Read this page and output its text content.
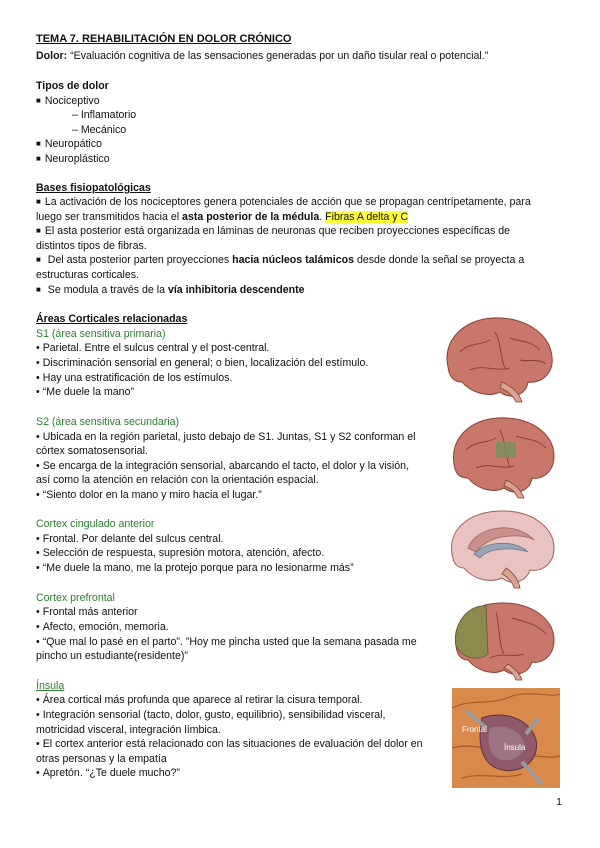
TEMA 7. REHABILITACIÓN EN DOLOR CRÓNICO
Dolor: “Evaluación cognitiva de las sensaciones generadas por un daño tisular real o potencial.”
Tipos de dolor
■ Nociceptivo
– Inflamatorio
– Mecánico
■ Neuropático
■ Neuroplástico
Bases fisiopatológicas
■ La activación de los nociceptores genera potenciales de acción que se propagan centrípetamente, para
luego ser transmitidos hacia el asta posterior de la médula. Fibras A delta y C
■ El asta posterior está organizada en láminas de neuronas que reciben proyecciones específicas de
distintos tipos de fibras.
■ Del asta posterior parten proyecciones hacia núcleos talámicos desde donde la señal se proyecta a
estructuras corticales.
■ Se modula a través de la vía inhibitoria descendente
Áreas Corticales relacionadas
S1 (área sensitiva primaria)
• Parietal. Entre el sulcus central y el post-central.
• Discriminación sensorial en general; o bien, localización del estímulo.
• Hay una estratificación de los estímulos.
• “Me duele la mano”
S2 (área sensitiva secundaria)
• Ubicada en la región parietal, justo debajo de S1. Juntas, S1 y S2 conforman el
córtex somatosensorial.
• Se encarga de la integración sensorial, abarcando el tacto, el dolor y la visión,
así como la atención en relación con la orientación espacial.
• “Siento dolor en la mano y miro hacia el lugar.”
Cortex cingulado anterior
• Frontal. Por delante del sulcus central.
• Selección de respuesta, supresión motora, atención, afecto.
• “Me duele la mano, me la protejo porque para no lesionarme más”
Cortex prefrontal
• Frontal más anterior
• Afecto, emoción, memoria.
• “Que mal lo pasé en el parto”. ”Hoy me pincha usted que la semana pasada me
pincho un estudiante(residente)”
Ínsula
• Área cortical más profunda que aparece al retirar la cisura temporal.
• Integración sensorial (tacto, dolor, gusto, equilibrio), sensibilidad visceral,
motricidad visceral, integración límbica.
• El cortex anterior está relacionado con las situaciones de evaluación del dolor en
otras personas y la empatía
• Apretón. “¿Te duele mucho?”
Frontal
Ínsula
1
